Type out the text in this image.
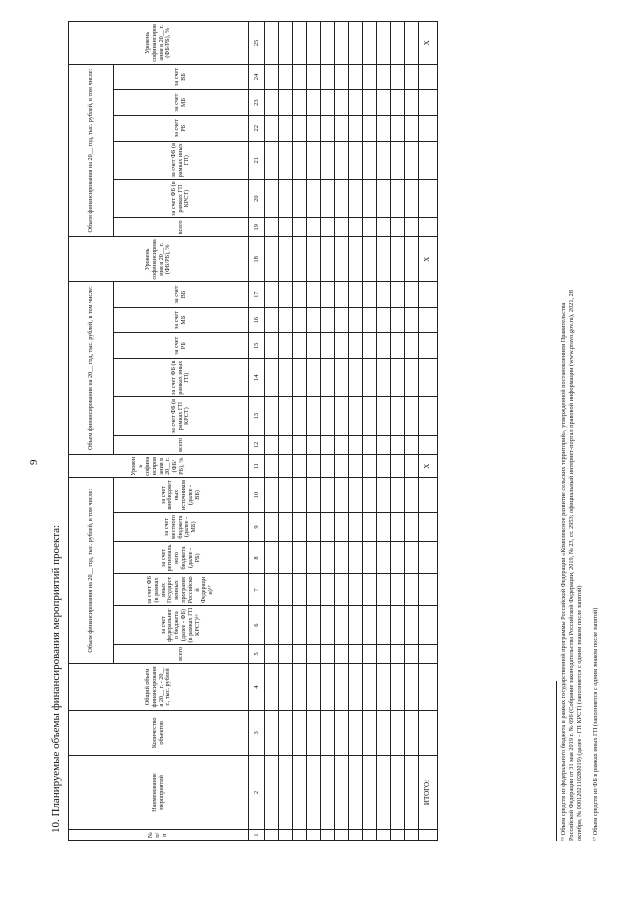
9
10. Планируемые объемы финансирования мероприятий проекта:
№ п/п	Наименование мероприятий	Количество объектов	Общий объем финансирования 20__ г. - 20__ г., тыс. рублей	Объем финансирования на 20__ год, тыс. рублей, в том числе:						Уровень софинансирования в 20__ г. (ФБ/РБ), %	Объем финансирования на 20__ год, тыс. рублей, в том числе:						Уровень софинансирования в 20__ г. (ФБ/РБ), %	Объем финансирования на 20__ год, тыс. рублей, в том числе:						Уровень софинансирования в 20__ г. (ФБ/РБ), %
				всего	за счет федерального бюджета (далее - ФБ) (в рамках ГП КРСТ)¹⁶	за счет ФБ (в рамках иных Государственных программ Российской Федерации)¹⁷	за счет регионального бюджета (далее - РБ)	за счет местного бюджета (далее - МБ)	за счет внебюджетных источников (далее - ВБ)		всего	за счет ФБ (в рамках ГП КРСТ)	за счет ФБ (в рамках иных ГП)	за счет РБ	за счет МБ	за счет ВБ		всего	за счет ФБ (в рамках ГП КРСТ)	за счет ФБ (в рамках иных ГП)	за счет РБ	за счет МБ	за счет ВБ	
1	2	3	4	5	6	7	8	9	10	11	12	13	14	15	16	17	18	19	20	21	22	23	24	25

	ИТОГО:									X							X							X
¹⁶ Объем средств из федерального бюджета в рамках государственной программы Российской Федерации «Комплексное развитие сельских территорий», утвержденной постановлением Правительства Российской Федерации от 31 мая 2019 г. № 696 (Собрание законодательства Российской Федерации, 2019, № 23, ст. 2953; официальный интернет-портал правовой информации (www.pravo.gov.ru), 2021, 28 октября, № 0001202110280019) (далее - ГП КРСТ) (заполняется с одним знаком после запятой) ¹⁷ Объем средств из ФБ в рамках иных ГП (заполняется с одним знаком после запятой)
